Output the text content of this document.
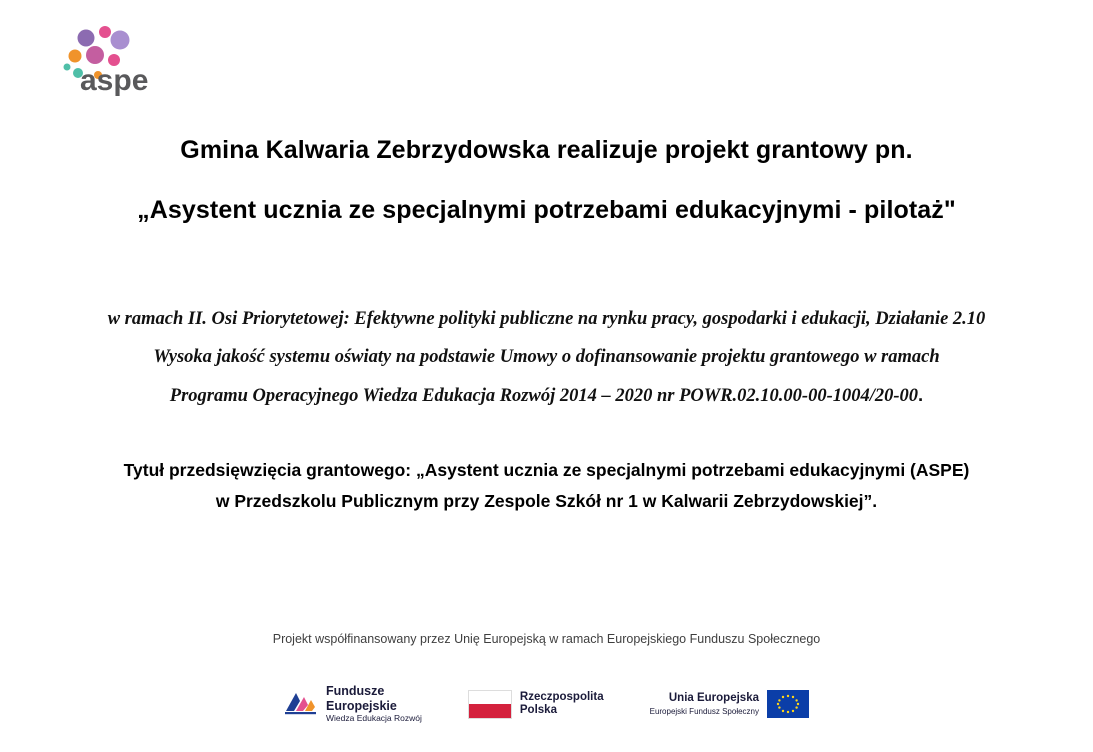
aspe
Gmina Kalwaria Zebrzydowska realizuje projekt grantowy pn.
„Asystent ucznia ze specjalnymi potrzebami edukacyjnymi - pilotaż"
w ramach II. Osi Priorytetowej: Efektywne polityki publiczne na rynku pracy, gospodarki i edukacji, Działanie 2.10
Wysoka jakość systemu oświaty na podstawie Umowy o dofinansowanie projektu grantowego w ramach
Programu Operacyjnego Wiedza Edukacja Rozwój 2014 – 2020 nr POWR.02.10.00-00-1004/20-00.
Tytuł przedsięwzięcia grantowego: „Asystent ucznia ze specjalnymi potrzebami edukacyjnymi (ASPE)
w Przedszkolu Publicznym przy Zespole Szkół nr 1 w Kalwarii Zebrzydowskiej”.
Projekt współfinansowany przez Unię Europejską w ramach Europejskiego Funduszu Społecznego
Fundusze
Europejskie
Wiedza Edukacja Rozwój
Rzeczpospolita
Polska
Unia Europejska
Europejski Fundusz Społeczny
